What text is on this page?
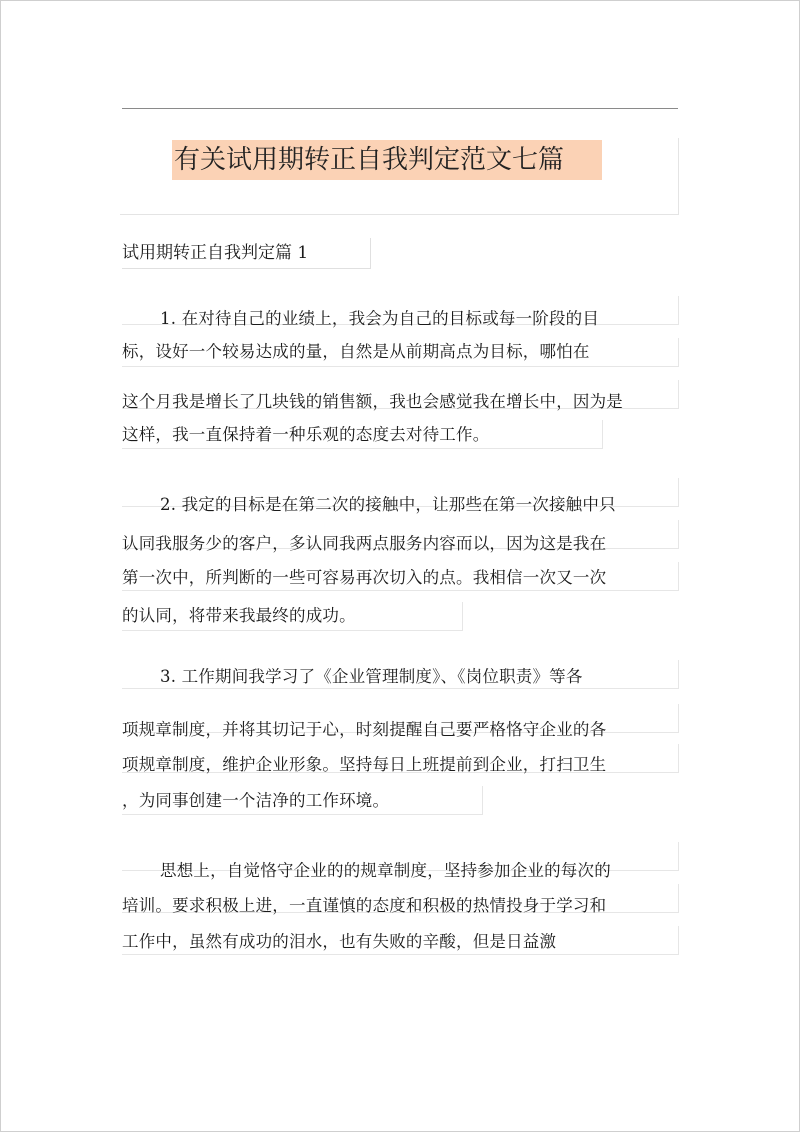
有关试用期转正自我判定范文七篇
试用期转正自我判定篇 1
1. 在对待自己的业绩上，我会为自己的目标或每一阶段的目
标，设好一个较易达成的量，自然是从前期高点为目标，哪怕在
这个月我是增长了几块钱的销售额，我也会感觉我在增长中，因为是
这样，我一直保持着一种乐观的态度去对待工作。
2. 我定的目标是在第二次的接触中，让那些在第一次接触中只
认同我服务少的客户，多认同我两点服务内容而以，因为这是我在
第一次中，所判断的一些可容易再次切入的点。我相信一次又一次
的认同，将带来我最终的成功。
3. 工作期间我学习了《企业管理制度》、《岗位职责》等各
项规章制度，并将其切记于心，时刻提醒自己要严格恪守企业的各
项规章制度，维护企业形象。坚持每日上班提前到企业，打扫卫生
，为同事创建一个洁净的工作环境。
思想上，自觉恪守企业的的规章制度，坚持参加企业的每次的
培训。要求积极上进，一直谨慎的态度和积极的热情投身于学习和
工作中，虽然有成功的泪水，也有失败的辛酸，但是日益激
